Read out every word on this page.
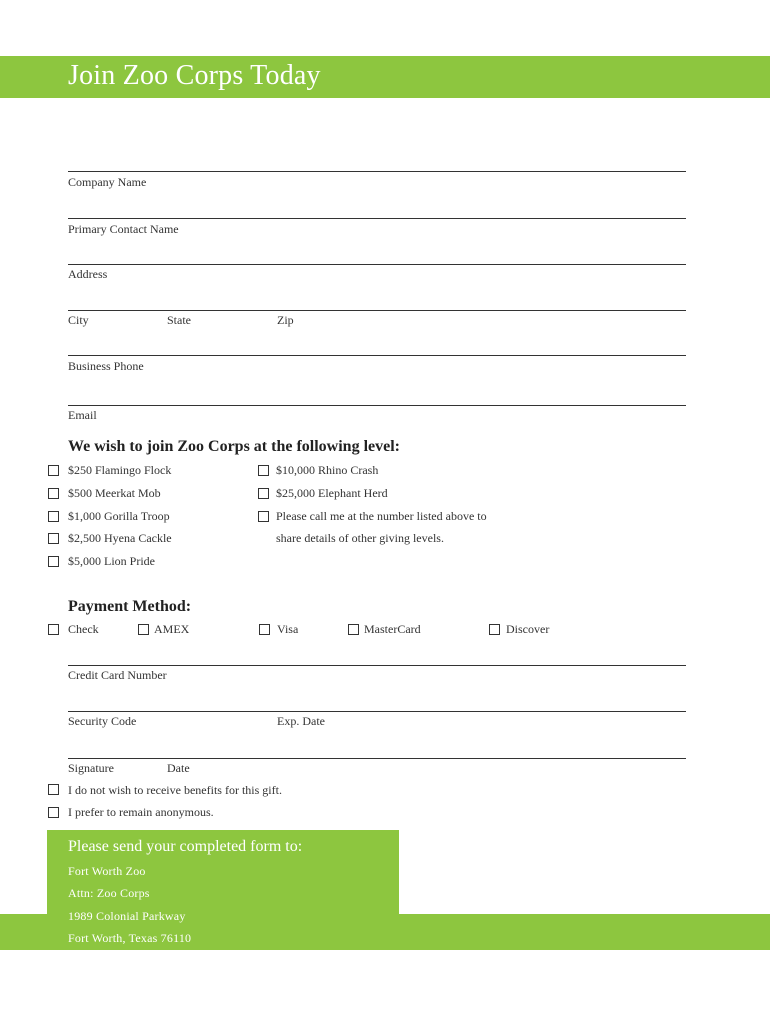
Join Zoo Corps Today
Company Name
Primary Contact Name
Address
City	State	Zip
Business Phone
Email
We wish to join Zoo Corps at the following level:
$250 Flamingo Flock
$500 Meerkat Mob
$1,000 Gorilla Troop
$2,500 Hyena Cackle
$5,000 Lion Pride
$10,000 Rhino Crash
$25,000 Elephant Herd
Please call me at the number listed above to
share details of other giving levels.
Payment Method:
Check	AMEX	Visa	MasterCard	Discover
Credit Card Number
Security Code	Exp. Date
Signature	Date
I do not wish to receive benefits for this gift.
I prefer to remain anonymous.
Please send your completed form to:
Fort Worth Zoo
Attn: Zoo Corps
1989 Colonial Parkway
Fort Worth, Texas 76110
